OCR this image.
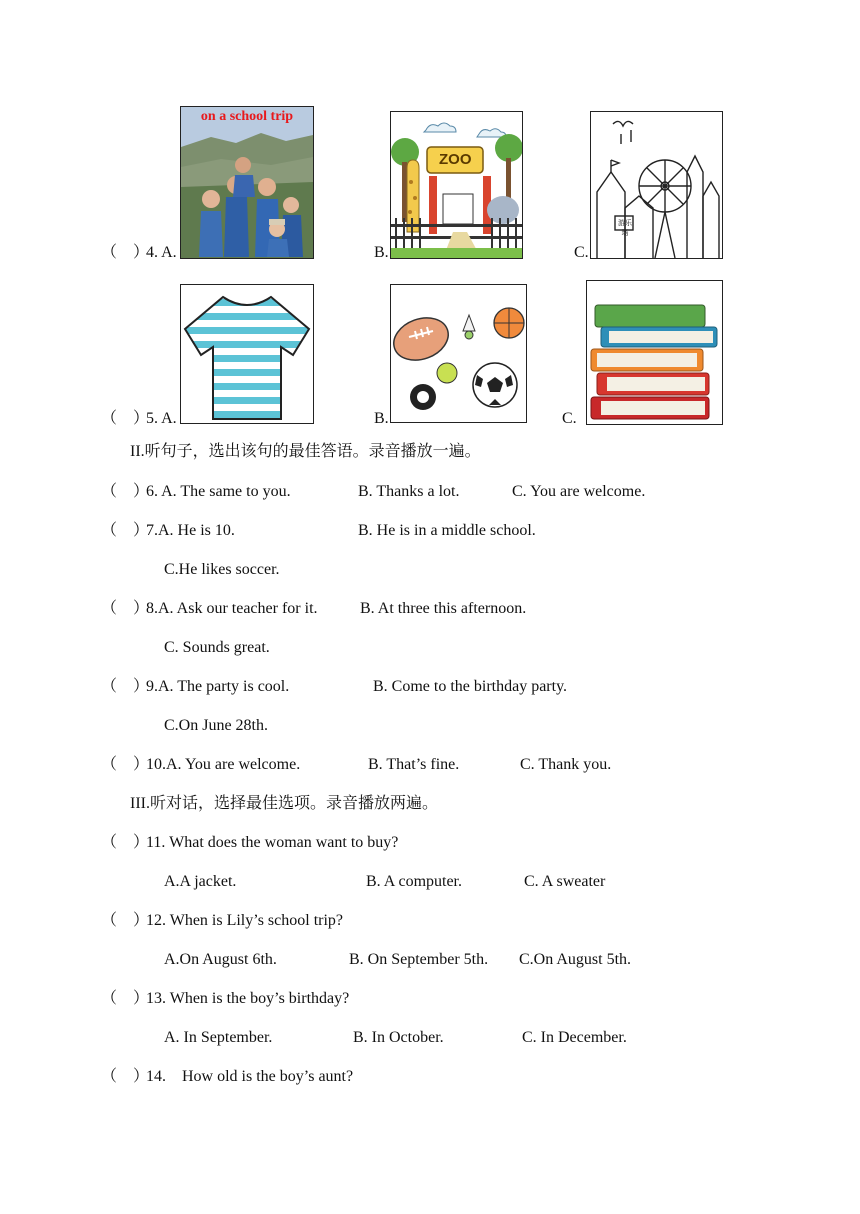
（    ）
4. A.	B.	C.
on a school trip
ZOO
游乐场
（    ）
5. A.	B.	C.
II.听句子，选出该句的最佳答语。录音播放一遍。
（    ）
6. A. The same to you.	B. Thanks a lot.	C. You are welcome.
（    ）
7.A. He is 10.	B. He is in a middle school.
C.He likes soccer.
（    ）
8.A. Ask our teacher for it.	B. At three this afternoon.
C. Sounds great.
（    ）
9.A. The party is cool.	B. Come to the birthday party.
C.On June 28th.
（    ）
10.A. You are welcome.	B. That’s fine.	C. Thank you.
III.听对话，选择最佳选项。录音播放两遍。
（    ）
11. What does the woman want to buy?
A.A jacket.	B. A computer.	C. A sweater
（    ）
12. When is Lily’s school trip?
A.On August 6th.	B. On September 5th. C.On August 5th.
（    ）
13. When is the boy’s birthday?
A. In September.	B. In October.	C. In December.
（    ）
14.    How old is the boy’s aunt?
